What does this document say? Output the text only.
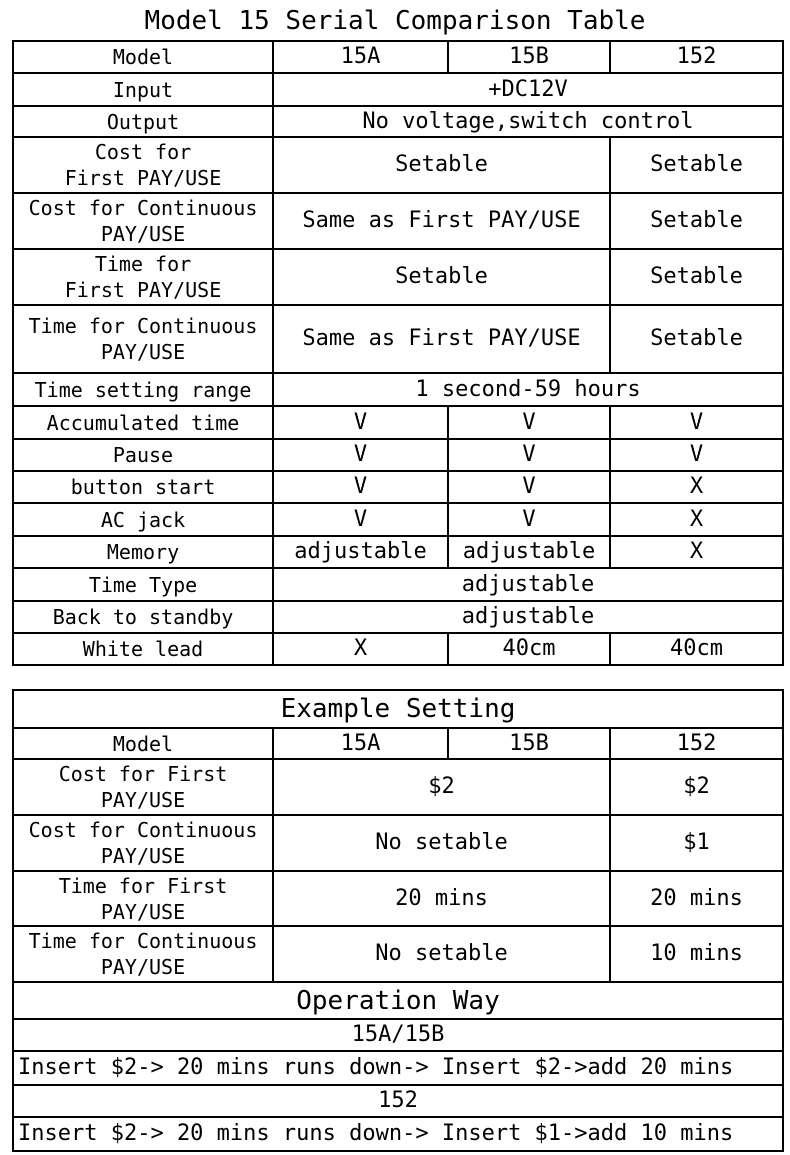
Model 15 Serial Comparison Table
Model	15A	15B	152
Input	+DC12V		
Output	No voltage,switch control		

Cost for
First PAY/USE	Setable		Setable

Cost for Continuous
PAY/USE	Same as First PAY/USE		Setable

Time for
First PAY/USE	Setable		Setable

Time for Continuous
PAY/USE	Same as First PAY/USE		Setable
Time setting range	1 second-59 hours		
Accumulated time	V	V	V
Pause	V	V	V
button start	V	V	X
AC jack	V	V	X
Memory	adjustable	adjustable	X
Time Type	adjustable		
Back to standby	adjustable		
White lead	X	40cm	40cm
Example Setting			
Model	15A	15B	152

Cost for First
PAY/USE	$2		$2

Cost for Continuous
PAY/USE	No setable		$1

Time for First
PAY/USE	20 mins		20 mins

Time for Continuous
PAY/USE	No setable		10 mins
Operation Way			
15A/15B			
Insert $2-> 20 mins runs down-> Insert $2->add 20 mins			
152			
Insert $2-> 20 mins runs down-> Insert $1->add 10 mins			
